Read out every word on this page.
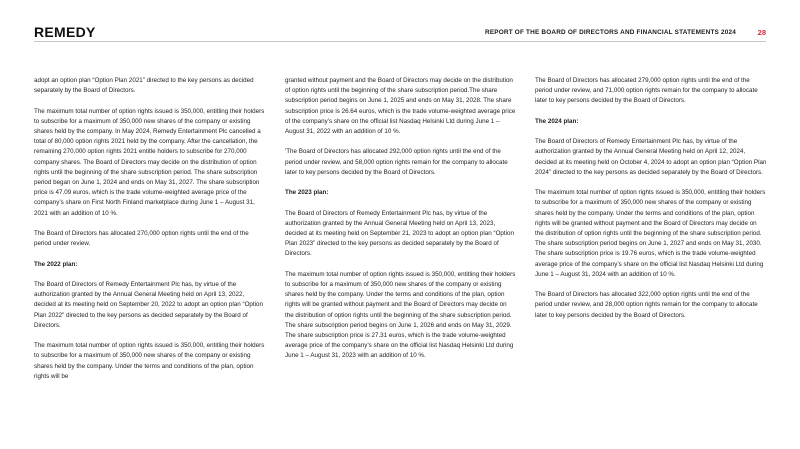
REMEDY	REPORT OF THE BOARD OF DIRECTORS AND FINANCIAL STATEMENTS 2024	28

adopt an option plan “Option Plan 2021” directed to the key persons as decided separately by the Board of Directors.

The maximum total number of option rights issued is 350,000, entitling their holders to subscribe for a maximum of 350,000 new shares of the company or existing shares held by the company. In May 2024, Remedy Entertainment Plc cancelled a total of 80,000 option rights 2021 held by the company. After the cancellation, the remaining 270,000 option rights 2021 entitle holders to subscribe for 270,000 company shares. The Board of Directors may decide on the distribution of option rights until the beginning of the share subscription period. The share subscription period began on June 1, 2024 and ends on May 31, 2027. The share subscription price is 47.09 euros, which is the trade volume-weighted average price of the company’s share on First North Finland marketplace during June 1 – August 31, 2021 with an addition of 10 %.

The Board of Directors has allocated 270,000 option rights until the end of the period under review.

The 2022 plan:

The Board of Directors of Remedy Entertainment Plc has, by virtue of the authorization granted by the Annual General Meeting held on April 13, 2022, decided at its meeting held on September 20, 2022 to adopt an option plan “Option Plan 2022” directed to the key persons as decided separately by the Board of Directors.

The maximum total number of option rights issued is 350,000, entitling their holders to subscribe for a maximum of 350,000 new shares of the company or existing shares held by the company. Under the terms and conditions of the plan, option rights will be

granted without payment and the Board of Directors may decide on the distribution of option rights until the beginning of the share subscription period.The share subscription period begins on June 1, 2025 and ends on May 31, 2028. The share subscription price is 26.64 euros, which is the trade volume-weighted average price of the company’s share on the official list Nasdaq Helsinki Ltd during June 1 – August 31, 2022 with an addition of 10 %.

'The Board of Directors has allocated 292,000 option rights until the end of the period under review, and 58,000 option rights remain for the company to allocate later to key persons decided by the Board of Directors.

The 2023 plan:

The Board of Directors of Remedy Entertainment Plc has, by virtue of the authorization granted by the Annual General Meeting held on April 13, 2023, decided at its meeting held on September 21, 2023 to adopt an option plan “Option Plan 2023” directed to the key persons as decided separately by the Board of Directors.

The maximum total number of option rights issued is 350,000, entitling their holders to subscribe for a maximum of 350,000 new shares of the company or existing shares held by the company. Under the terms and conditions of the plan, option rights will be granted without payment and the Board of Directors may decide on the distribution of option rights until the beginning of the share subscription period. The share subscription period begins on June 1, 2026 and ends on May 31, 2029. The share subscription price is 27.31 euros, which is the trade volume-weighted average price of the company’s share on the official list Nasdaq Helsinki Ltd during June 1 – August 31, 2023 with an addition of 10 %.

The Board of Directors has allocated 279,000 option rights until the end of the period under review, and 71,000 option rights remain for the company to allocate later to key persons decided by the Board of Directors.

The 2024 plan:

The Board of Directors of Remedy Entertainment Plc has, by virtue of the authorization granted by the Annual General Meeting held on April 12, 2024, decided at its meeting held on October 4, 2024 to adopt an option plan “Option Plan 2024” directed to the key persons as decided separately by the Board of Directors.

The maximum total number of option rights issued is 350,000, entitling their holders to subscribe for a maximum of 350,000 new shares of the company or existing shares held by the company. Under the terms and conditions of the plan, option rights will be granted without payment and the Board of Directors may decide on the distribution of option rights until the beginning of the share subscription period. The share subscription period begins on June 1, 2027 and ends on May 31, 2030. The share subscription price is 19.76 euros, which is the trade volume-weighted average price of the company’s share on the official list Nasdaq Helsinki Ltd during June 1 – August 31, 2024 with an addition of 10 %.

The Board of Directors has allocated 322,000 option rights until the end of the period under review, and 28,000 option rights remain for the company to allocate later to key persons decided by the Board of Directors.
